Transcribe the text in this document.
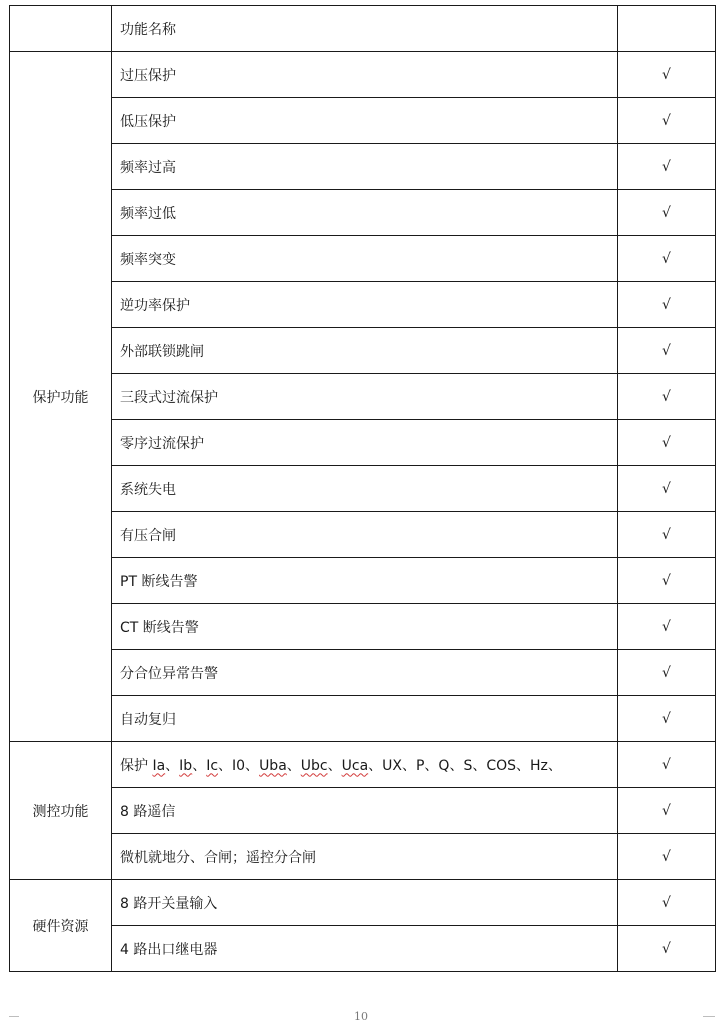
	功能名称	
保护功能	过压保护	√
	低压保护	√
	频率过高	√
	频率过低	√
	频率突变	√
	逆功率保护	√
	外部联锁跳闸	√
	三段式过流保护	√
	零序过流保护	√
	系统失电	√
	有压合闸	√
	PT 断线告警	√
	CT 断线告警	√
	分合位异常告警	√
	自动复归	√
测控功能	保护 Ia、Ib、Ic、I0、Uba、Ubc、Uca、UX、P、Q、S、COS、Hz、	√
	8 路遥信	√
	微机就地分、合闸；遥控分合闸	√
硬件资源	8 路开关量输入	√
	4 路出口继电器	√
10
